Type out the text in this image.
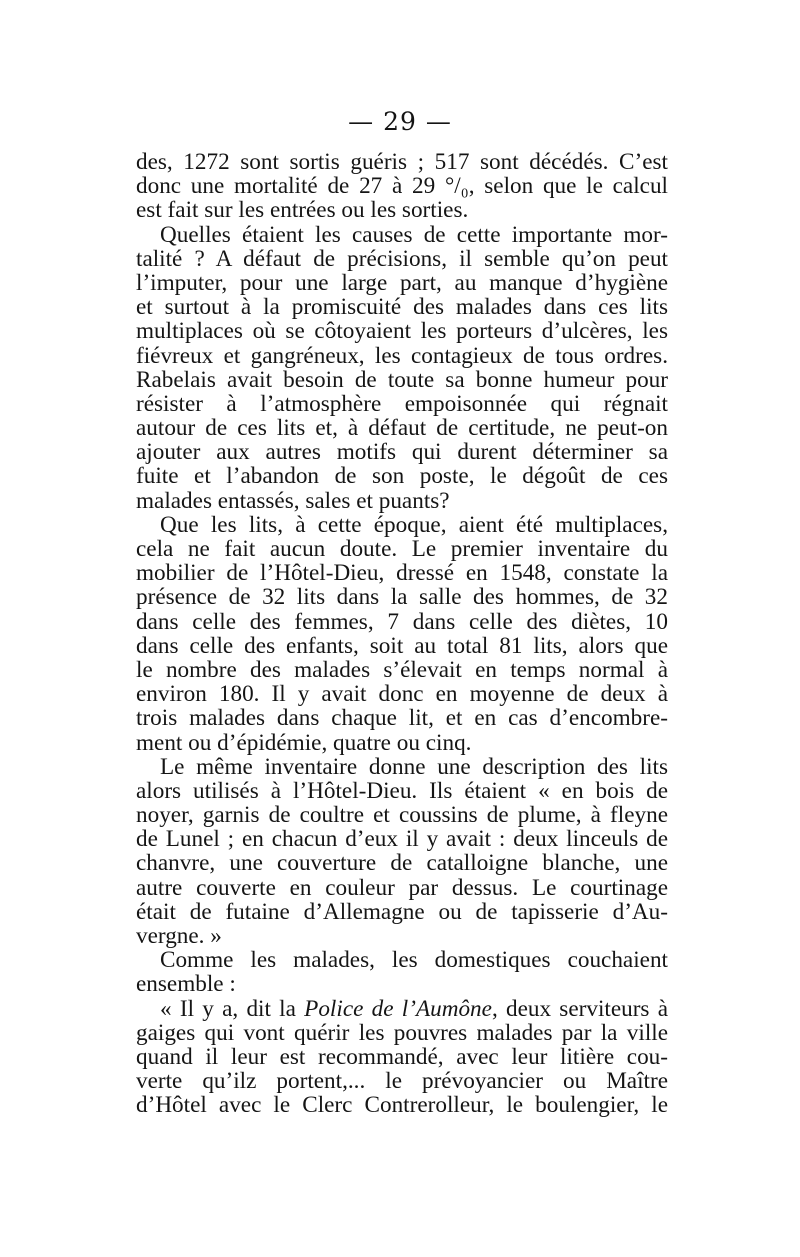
— 29 —
des, 1272 sont sortis guéris ; 517 sont décédés. C’est
donc une mortalité de 27 à 29 °/₀, selon que le calcul
est fait sur les entrées ou les sorties.
Quelles étaient les causes de cette importante mor-
talité ? A défaut de précisions, il semble qu’on peut
l’imputer, pour une large part, au manque d’hygiène
et surtout à la promiscuité des malades dans ces lits
multiplaces où se côtoyaient les porteurs d’ulcères, les
fiévreux et gangréneux, les contagieux de tous ordres.
Rabelais avait besoin de toute sa bonne humeur pour
résister à l’atmosphère empoisonnée qui régnait
autour de ces lits et, à défaut de certitude, ne peut-on
ajouter aux autres motifs qui durent déterminer sa
fuite et l’abandon de son poste, le dégoût de ces
malades entassés, sales et puants?
Que les lits, à cette époque, aient été multiplaces,
cela ne fait aucun doute. Le premier inventaire du
mobilier de l’Hôtel-Dieu, dressé en 1548, constate la
présence de 32 lits dans la salle des hommes, de 32
dans celle des femmes, 7 dans celle des diètes, 10
dans celle des enfants, soit au total 81 lits, alors que
le nombre des malades s’élevait en temps normal à
environ 180. Il y avait donc en moyenne de deux à
trois malades dans chaque lit, et en cas d’encombre-
ment ou d’épidémie, quatre ou cinq.
Le même inventaire donne une description des lits
alors utilisés à l’Hôtel-Dieu. Ils étaient « en bois de
noyer, garnis de coultre et coussins de plume, à fleyne
de Lunel ; en chacun d’eux il y avait : deux linceuls de
chanvre, une couverture de catalloigne blanche, une
autre couverte en couleur par dessus. Le courtinage
était de futaine d’Allemagne ou de tapisserie d’Au-
vergne. »
Comme les malades, les domestiques couchaient
ensemble :
« Il y a, dit la Police de l’Aumône, deux serviteurs à
gaiges qui vont quérir les pouvres malades par la ville
quand il leur est recommandé, avec leur litière cou-
verte qu’ilz portent,... le prévoyancier ou Maître
d’Hôtel avec le Clerc Contrerolleur, le boulengier, le
